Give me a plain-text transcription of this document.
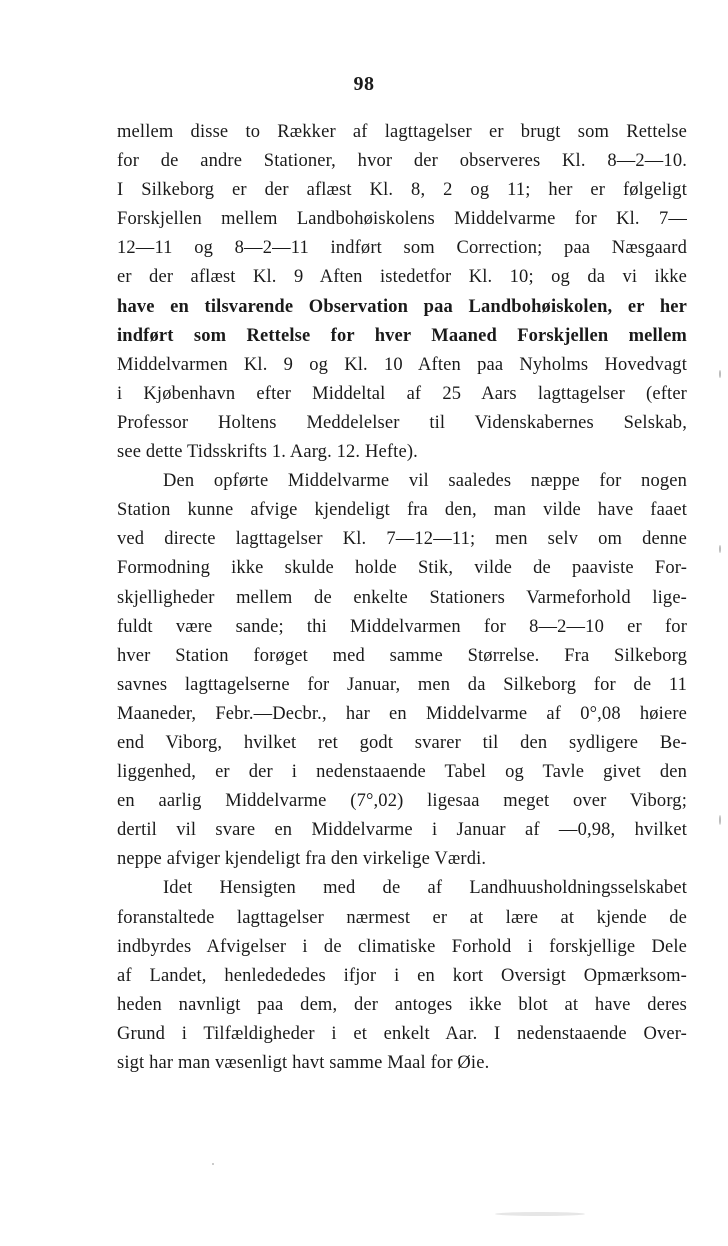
98
mellem disse to Rækker af lagttagelser er brugt som Rettelse
for de andre Stationer, hvor der observeres Kl. 8—2—10.
I Silkeborg er der aflæst Kl. 8, 2 og 11; her er følgeligt
Forskjellen mellem Landbohøiskolens Middelvarme for Kl. 7—
12—11 og 8—2—11 indført som Correction; paa Næsgaard
er der aflæst Kl. 9 Aften istedetfor Kl. 10; og da vi ikke
have en tilsvarende Observation paa Landbohøiskolen, er her
indført som Rettelse for hver Maaned Forskjellen mellem
Middelvarmen Kl. 9 og Kl. 10 Aften paa Nyholms Hovedvagt
i Kjøbenhavn efter Middeltal af 25 Aars lagttagelser (efter
Professor Holtens Meddelelser til Videnskabernes Selskab,
see dette Tidsskrifts 1. Aarg. 12. Hefte).
Den opførte Middelvarme vil saaledes næppe for nogen
Station kunne afvige kjendeligt fra den, man vilde have faaet
ved directe lagttagelser Kl. 7—12—11; men selv om denne
Formodning ikke skulde holde Stik, vilde de paaviste For-
skjelligheder mellem de enkelte Stationers Varmeforhold lige-
fuldt være sande; thi Middelvarmen for 8—2—10 er for
hver Station forøget med samme Størrelse. Fra Silkeborg
savnes lagttagelserne for Januar, men da Silkeborg for de 11
Maaneder, Febr.—Decbr., har en Middelvarme af 0°,08 høiere
end Viborg, hvilket ret godt svarer til den sydligere Be-
liggenhed, er der i nedenstaaende Tabel og Tavle givet den
en aarlig Middelvarme (7°,02) ligesaa meget over Viborg;
dertil vil svare en Middelvarme i Januar af —0,98, hvilket
neppe afviger kjendeligt fra den virkelige Værdi.
Idet Hensigten med de af Landhuusholdningsselskabet
foranstaltede lagttagelser nærmest er at lære at kjende de
indbyrdes Afvigelser i de climatiske Forhold i forskjellige Dele
af Landet, henledededes ifjor i en kort Oversigt Opmærksom-
heden navnligt paa dem, der antoges ikke blot at have deres
Grund i Tilfældigheder i et enkelt Aar. I nedenstaaende Over-
sigt har man væsenligt havt samme Maal for Øie.
